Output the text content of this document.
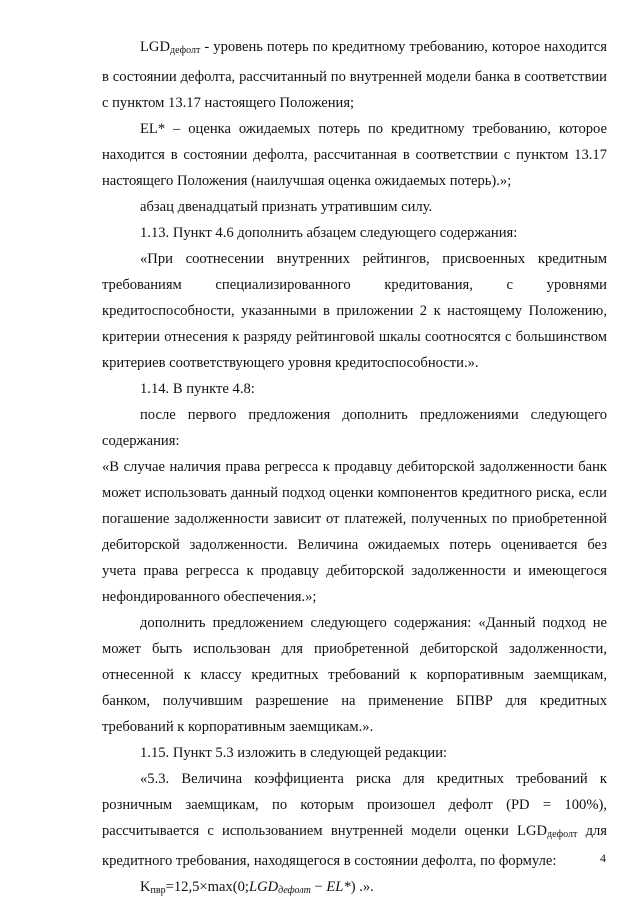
$LGD_{дефолт}$ - уровень потерь по кредитному требованию, которое находится в состоянии дефолта, рассчитанный по внутренней модели банка в соответствии с пунктом 13.17 настоящего Положения;

EL* – оценка ожидаемых потерь по кредитному требованию, которое находится в состоянии дефолта, рассчитанная в соответствии с пунктом 13.17 настоящего Положения (наилучшая оценка ожидаемых потерь).»;

абзац двенадцатый признать утратившим силу.

1.13. Пункт 4.6 дополнить абзацем следующего содержания:

«При соотнесении внутренних рейтингов, присвоенных кредитным требованиям специализированного кредитования, с уровнями кредитоспособности, указанными в приложении 2 к настоящему Положению, критерии отнесения к разряду рейтинговой шкалы соотносятся с большинством критериев соответствующего уровня кредитоспособности.».

1.14. В пункте 4.8:

после первого предложения дополнить предложениями следующего содержания:

«В случае наличия права регресса к продавцу дебиторской задолженности банк может использовать данный подход оценки компонентов кредитного риска, если погашение задолженности зависит от платежей, полученных по приобретенной дебиторской задолженности. Величина ожидаемых потерь оценивается без учета права регресса к продавцу дебиторской задолженности и имеющегося нефондированного обеспечения.»;

дополнить предложением следующего содержания: «Данный подход не может быть использован для приобретенной дебиторской задолженности, отнесенной к классу кредитных требований к корпоративным заемщикам, банком, получившим разрешение на применение БПВР для кредитных требований к корпоративным заемщикам.».

1.15. Пункт 5.3 изложить в следующей редакции:

«5.3. Величина коэффициента риска для кредитных требований к розничным заемщикам, по которым произошел дефолт (PD = 100%), рассчитывается с использованием внутренней модели оценки $LGD_{дефолт}$ для кредитного требования, находящегося в состоянии дефолта, по формуле:

$K_{пвр}=12,5\times\max(0;LGD_{дефолт} - EL*)$ .».

4
